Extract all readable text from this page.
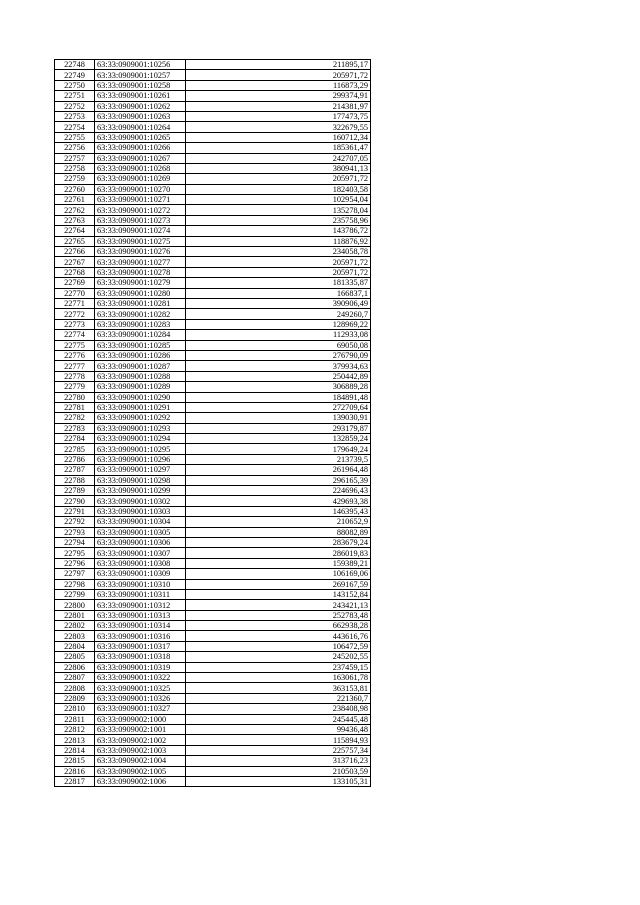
22748	63:33:0909001:10256	211895,17
22749	63:33:0909001:10257	205971,72
22750	63:33:0909001:10258	116873,29
22751	63:33:0909001:10261	299374,91
22752	63:33:0909001:10262	214381,97
22753	63:33:0909001:10263	177473,75
22754	63:33:0909001:10264	322679,55
22755	63:33:0909001:10265	160712,34
22756	63:33:0909001:10266	185361,47
22757	63:33:0909001:10267	242707,05
22758	63:33:0909001:10268	380941,13
22759	63:33:0909001:10269	205971,72
22760	63:33:0909001:10270	182403,58
22761	63:33:0909001:10271	102954,04
22762	63:33:0909001:10272	135278,04
22763	63:33:0909001:10273	235758,96
22764	63:33:0909001:10274	143786,72
22765	63:33:0909001:10275	118876,92
22766	63:33:0909001:10276	234058,78
22767	63:33:0909001:10277	205971,72
22768	63:33:0909001:10278	205971,72
22769	63:33:0909001:10279	181335,87
22770	63:33:0909001:10280	166837,1
22771	63:33:0909001:10281	390906,49
22772	63:33:0909001:10282	249260,7
22773	63:33:0909001:10283	128969,22
22774	63:33:0909001:10284	112933,08
22775	63:33:0909001:10285	69050,08
22776	63:33:0909001:10286	276790,09
22777	63:33:0909001:10287	379934,63
22778	63:33:0909001:10288	250442,89
22779	63:33:0909001:10289	306889,28
22780	63:33:0909001:10290	184891,48
22781	63:33:0909001:10291	272709,64
22782	63:33:0909001:10292	139030,91
22783	63:33:0909001:10293	293179,87
22784	63:33:0909001:10294	132859,24
22785	63:33:0909001:10295	179649,24
22786	63:33:0909001:10296	213739,5
22787	63:33:0909001:10297	261964,48
22788	63:33:0909001:10298	296165,39
22789	63:33:0909001:10299	224696,43
22790	63:33:0909001:10302	429693,38
22791	63:33:0909001:10303	146395,43
22792	63:33:0909001:10304	210652,9
22793	63:33:0909001:10305	88082,89
22794	63:33:0909001:10306	283679,24
22795	63:33:0909001:10307	286019,83
22796	63:33:0909001:10308	159389,21
22797	63:33:0909001:10309	106169,06
22798	63:33:0909001:10310	269167,59
22799	63:33:0909001:10311	143152,84
22800	63:33:0909001:10312	243421,13
22801	63:33:0909001:10313	252783,48
22802	63:33:0909001:10314	662938,28
22803	63:33:0909001:10316	443616,76
22804	63:33:0909001:10317	106472,59
22805	63:33:0909001:10318	245202,55
22806	63:33:0909001:10319	237459,15
22807	63:33:0909001:10322	163061,78
22808	63:33:0909001:10325	363153,81
22809	63:33:0909001:10326	221360,7
22810	63:33:0909001:10327	238408,98
22811	63:33:0909002:1000	245445,48
22812	63:33:0909002:1001	99436,48
22813	63:33:0909002:1002	115894,93
22814	63:33:0909002:1003	225757,34
22815	63:33:0909002:1004	313716,23
22816	63:33:0909002:1005	210503,59
22817	63:33:0909002:1006	133105,31
